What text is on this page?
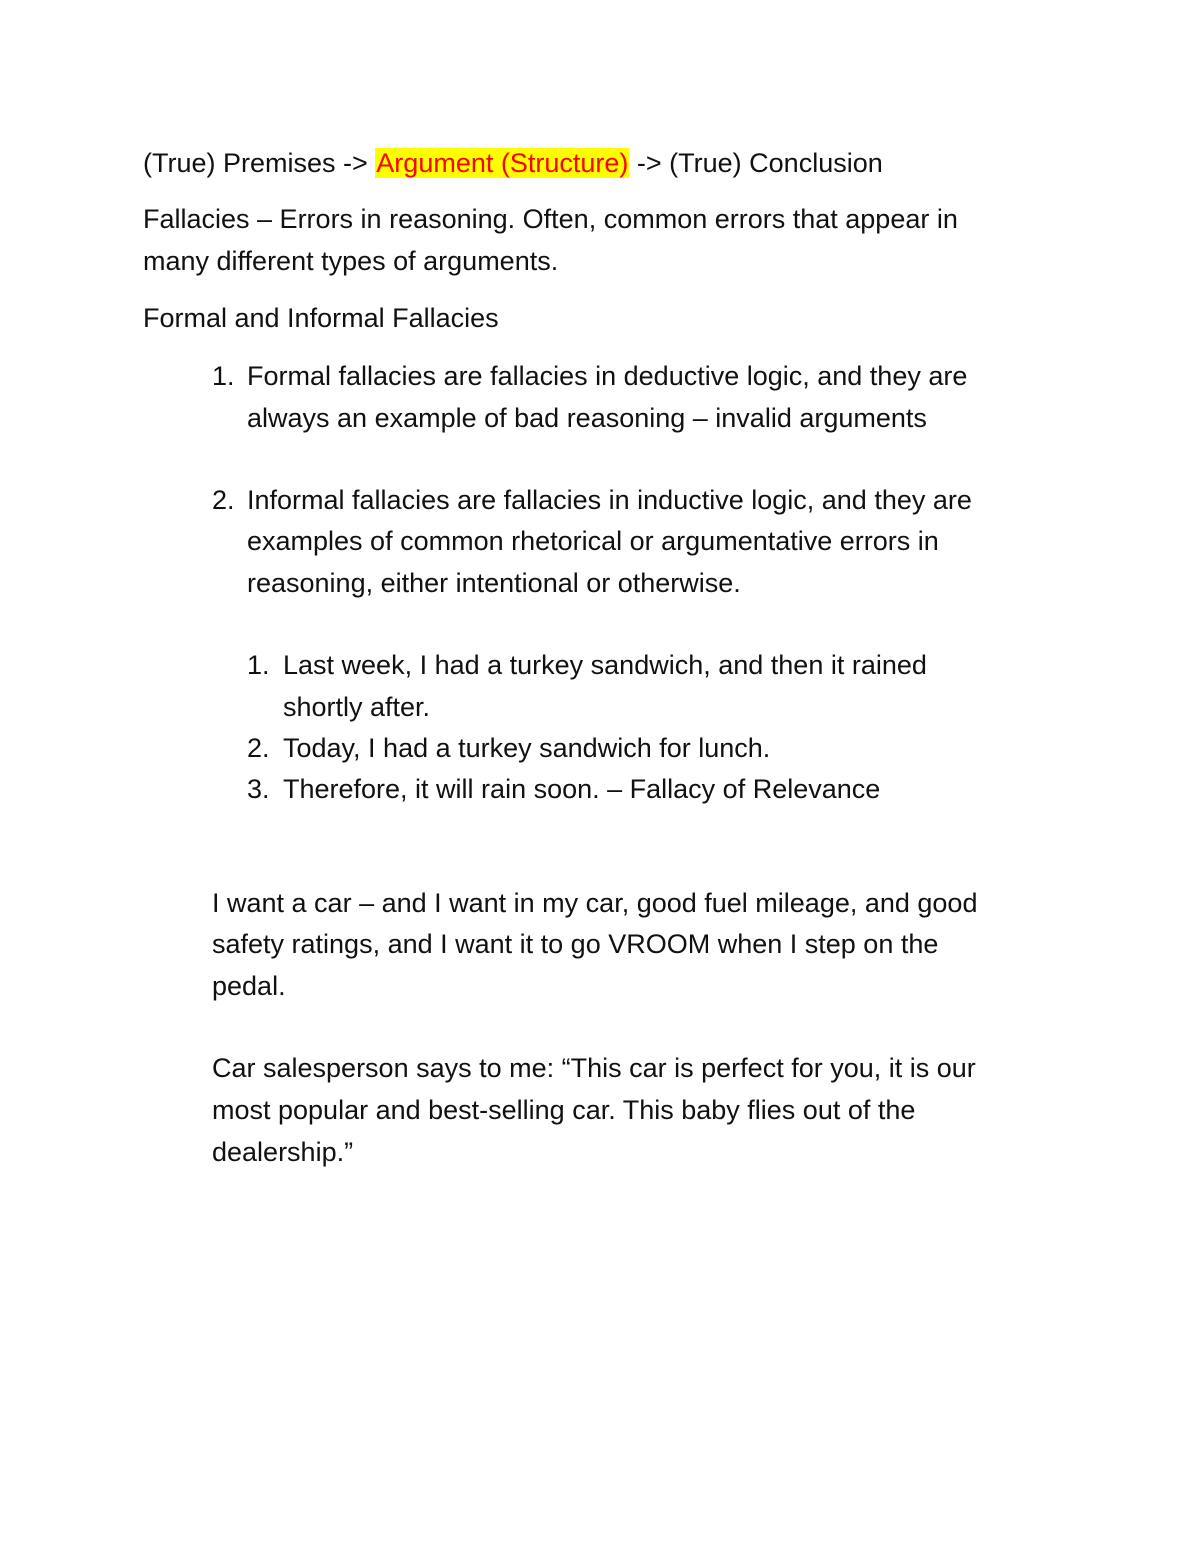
(True) Premises -> Argument (Structure) -> (True) Conclusion
Fallacies – Errors in reasoning. Often, common errors that appear in
many different types of arguments.
Formal and Informal Fallacies
1. Formal fallacies are fallacies in deductive logic, and they are
always an example of bad reasoning – invalid arguments
2. Informal fallacies are fallacies in inductive logic, and they are
examples of common rhetorical or argumentative errors in
reasoning, either intentional or otherwise.
1. Last week, I had a turkey sandwich, and then it rained
shortly after.
2. Today, I had a turkey sandwich for lunch.
3. Therefore, it will rain soon. – Fallacy of Relevance
I want a car – and I want in my car, good fuel mileage, and good
safety ratings, and I want it to go VROOM when I step on the
pedal.
Car salesperson says to me: “This car is perfect for you, it is our
most popular and best-selling car. This baby flies out of the
dealership.”
